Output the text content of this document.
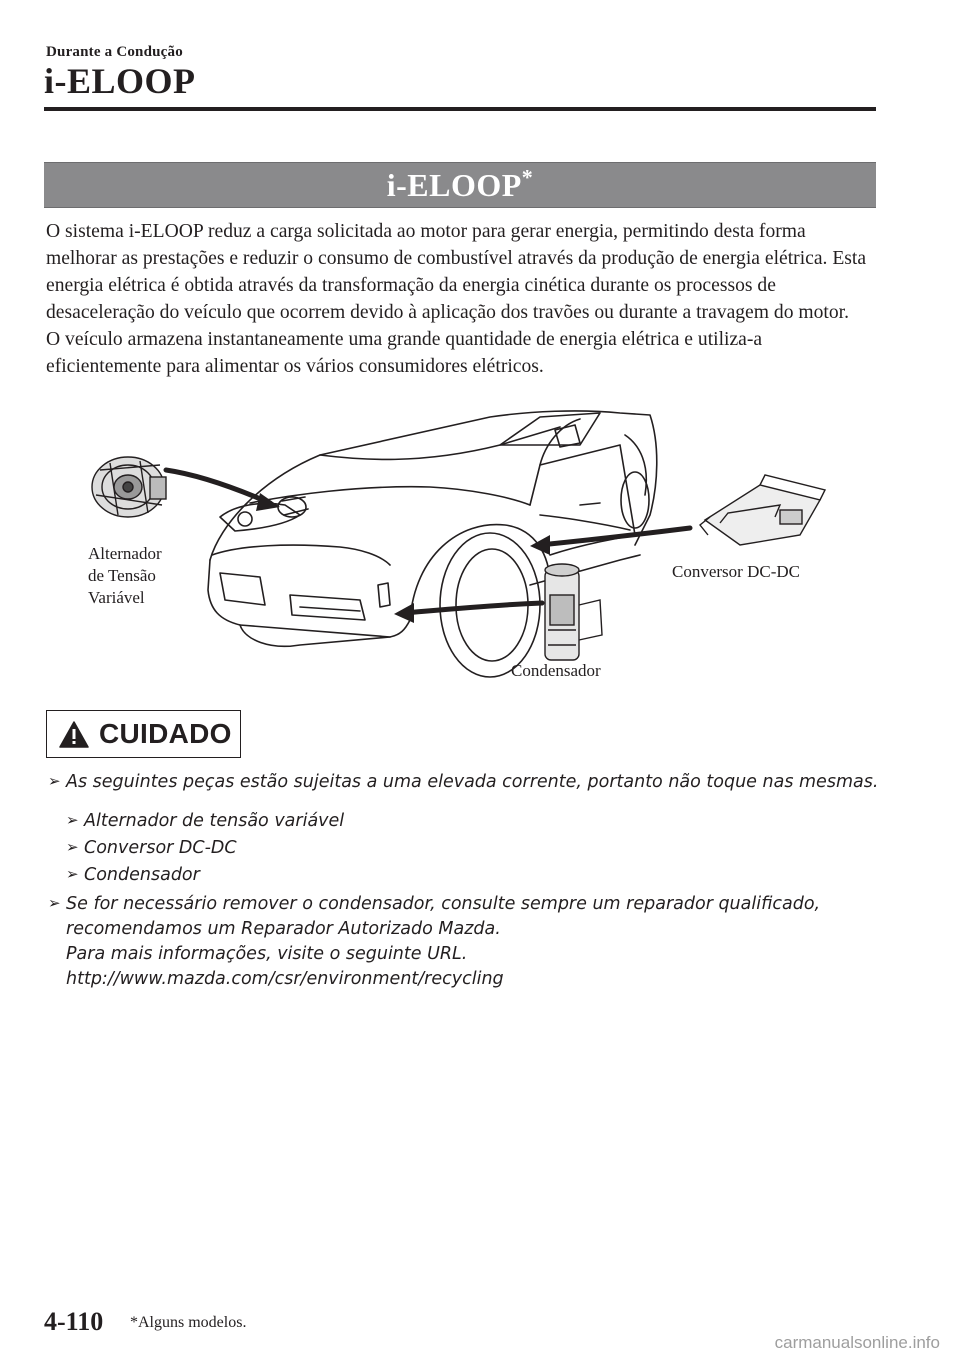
Durante a Condução
i-ELOOP
i-ELOOP*

O sistema i-ELOOP reduz a carga solicitada ao motor para gerar energia, permitindo desta forma melhorar as prestações e reduzir o consumo de combustível através da produção de energia elétrica. Esta energia elétrica é obtida através da transformação da energia cinética durante os processos de desaceleração do veículo que ocorrem devido à aplicação dos travões ou durante a travagem do motor.

O veículo armazena instantaneamente uma grande quantidade de energia elétrica e utiliza-a eficientemente para alimentar os vários consumidores elétricos.

Alternador
de Tensão
Variável
Conversor DC-DC
Condensador
CUIDADO
➢ As seguintes peças estão sujeitas a uma elevada corrente, portanto não toque nas mesmas.
➢ Alternador de tensão variável
➢ Conversor DC-DC
➢ Condensador
➢ Se for necessário remover o condensador, consulte sempre um reparador qualificado, recomendamos um Reparador Autorizado Mazda.
Para mais informações, visite o seguinte URL.
http://www.mazda.com/csr/environment/recycling
4-110 *Alguns modelos.
carmanualsonline.info
